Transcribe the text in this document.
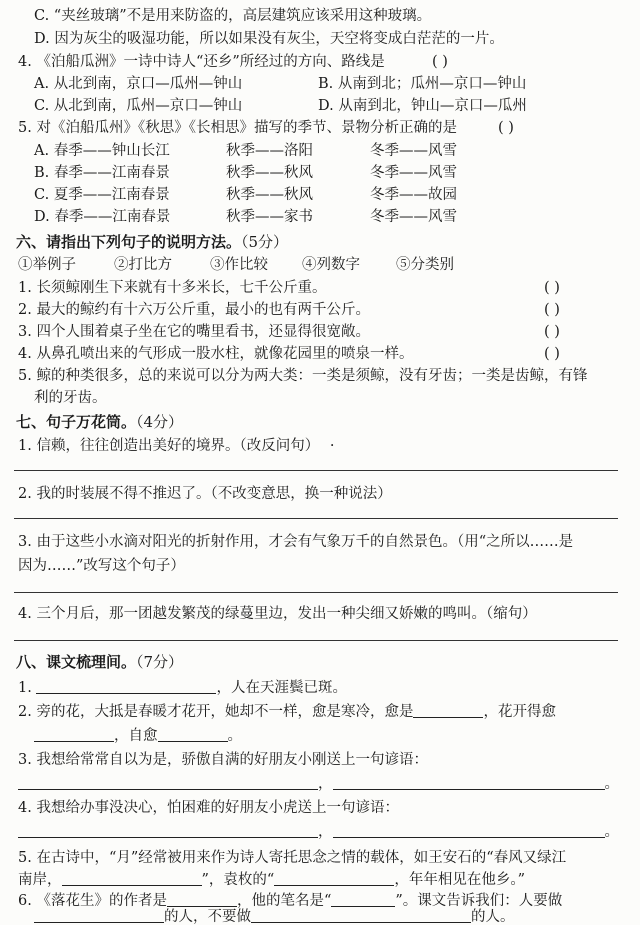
C. “夹丝玻璃”不是用来防盗的，高层建筑应该采用这种玻璃。
D. 因为灰尘的吸湿功能，所以如果没有灰尘，天空将变成白茫茫的一片。
4. 《泊船瓜洲》一诗中诗人“还乡”所经过的方向、路线是	( )
A. 从北到南，京口—瓜州—钟山	B. 从南到北；瓜州—京口—钟山
C. 从北到南，瓜州—京口—钟山	D. 从南到北，钟山—京口—瓜州
5. 对《泊船瓜州》《秋思》《长相思》描写的季节、景物分析正确的是	( )
A. 春季——钟山长江	秋季——洛阳	冬季——风雪
B. 春季——江南春景	秋季——秋风	冬季——风雪
C. 夏季——江南春景	秋季——秋风	冬季——故园
D. 春季——江南春景	秋季——家书	冬季——风雪
六、请指出下列句子的说明方法。（5分）
①举例子	②打比方	③作比较 ④列数字 ⑤分类别
1. 长须鲸刚生下来就有十多米长，七千公斤重。	( )
2. 最大的鲸约有十六万公斤重，最小的也有两千公斤。	( )
3. 四个人围着桌子坐在它的嘴里看书，还显得很宽敞。	( )
4. 从鼻孔喷出来的气形成一股水柱，就像花园里的喷泉一样。	( )
5. 鲸的种类很多，总的来说可以分为两大类：一类是须鲸，没有牙齿；一类是齿鲸，有锋
利的牙齿。
七、句子万花筒。（4分）
1. 信赖，往往创造出美好的境界。（改反问句） ·
2. 我的时装展不得不推迟了。（不改变意思，换一种说法）
3. 由于这些小水滴对阳光的折射作用，才会有气象万千的自然景色。（用“之所以……是
因为……”改写这个句子）
4. 三个月后，那一团越发繁茂的绿蔓里边，发出一种尖细又娇嫩的鸣叫。（缩句）
八、课文梳理间。（7分）
1.	，人在天涯鬓已斑。
2. 旁的花，大抵是春暖才花开，她却不一样，愈是寒冷，愈是	，花开得愈
，自愈	。
3. 我想给常常自以为是，骄傲自满的好朋友小刚送上一句谚语：
，	。
4. 我想给办事没决心，怕困难的好朋友小虎送上一句谚语：
，	。
5. 在古诗中，“月”经常被用来作为诗人寄托思念之情的载体，如王安石的“春风又绿江
南岸，	”，袁枚的“	，年年相见在他乡。”
6. 《落花生》的作者是	，他的笔名是“	”。课文告诉我们：人要做
的人，不要做	的人。
